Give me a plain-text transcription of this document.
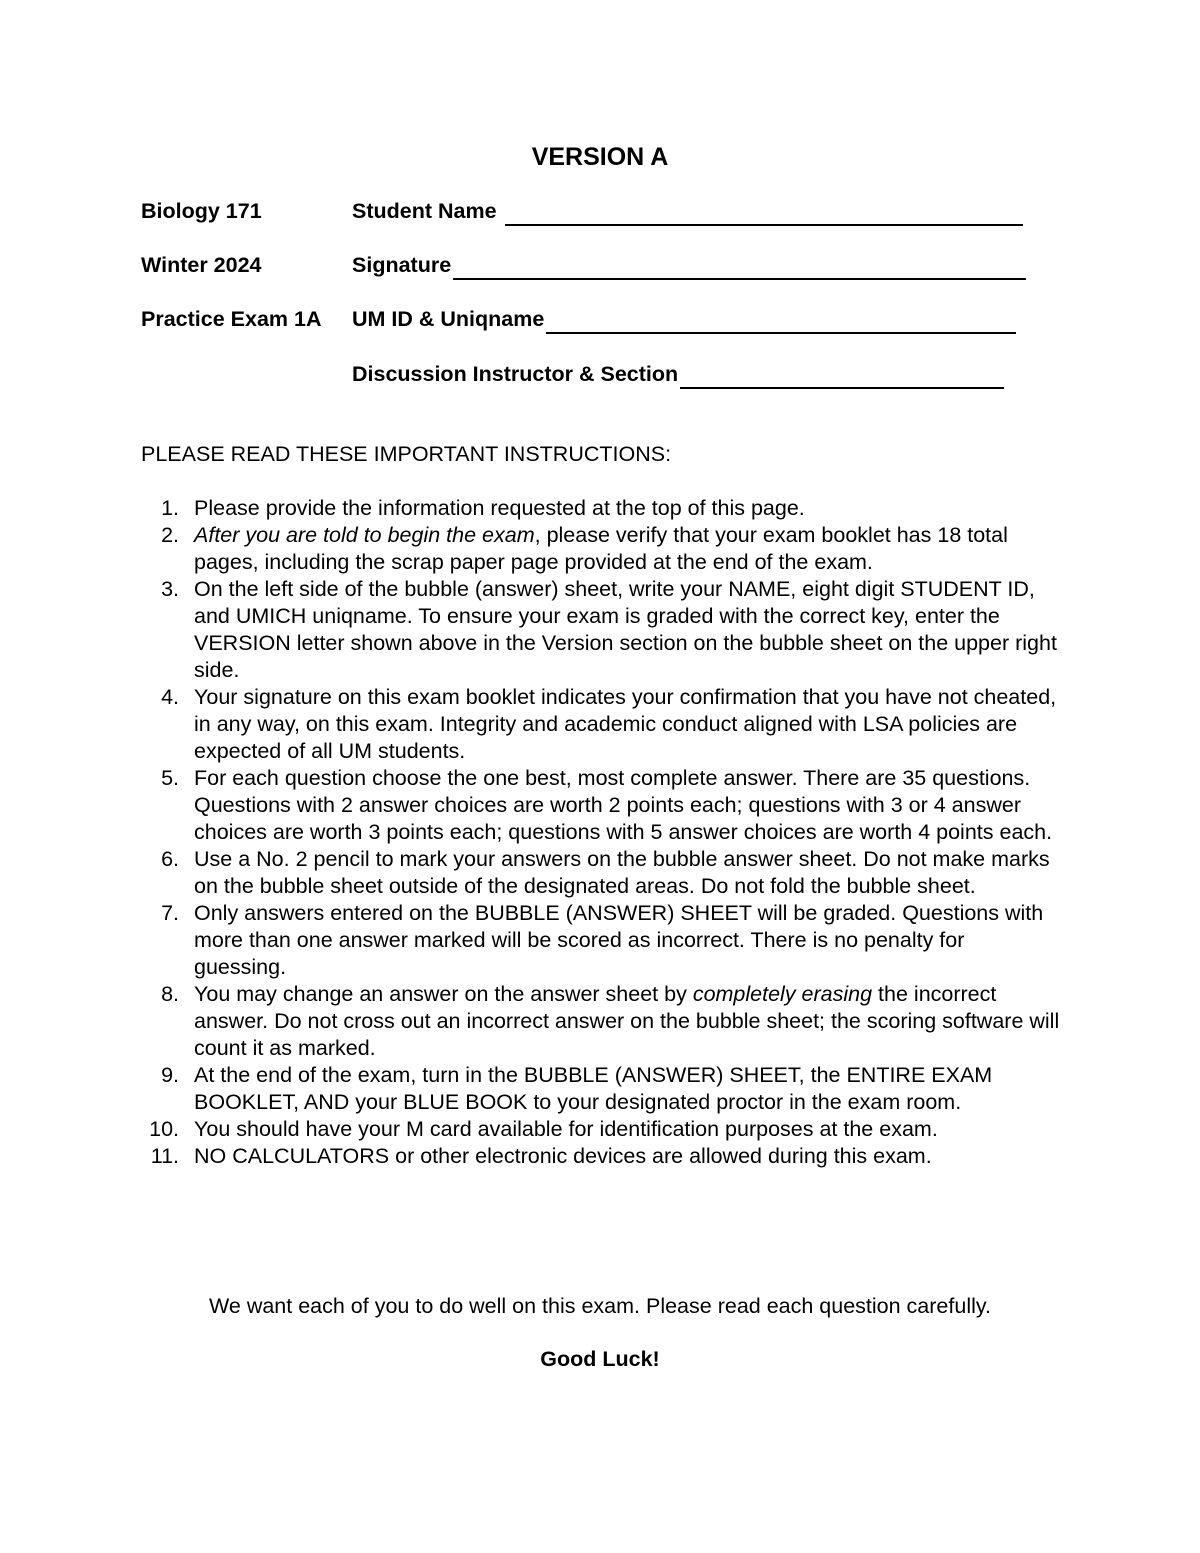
VERSION A
Biology 171	Student Name
Winter 2024	Signature
Practice Exam 1A UM ID & Uniqname
Discussion Instructor & Section
PLEASE READ THESE IMPORTANT INSTRUCTIONS:
1. Please provide the information requested at the top of this page.
2. After you are told to begin the exam, please verify that your exam booklet has 18 total pages, including the scrap paper page provided at the end of the exam.
3. On the left side of the bubble (answer) sheet, write your NAME, eight digit STUDENT ID, and UMICH uniqname. To ensure your exam is graded with the correct key, enter the VERSION letter shown above in the Version section on the bubble sheet on the upper right side.
4. Your signature on this exam booklet indicates your confirmation that you have not cheated, in any way, on this exam. Integrity and academic conduct aligned with LSA policies are expected of all UM students.
5. For each question choose the one best, most complete answer. There are 35 questions. Questions with 2 answer choices are worth 2 points each; questions with 3 or 4 answer choices are worth 3 points each; questions with 5 answer choices are worth 4 points each.
6. Use a No. 2 pencil to mark your answers on the bubble answer sheet. Do not make marks on the bubble sheet outside of the designated areas. Do not fold the bubble sheet.
7. Only answers entered on the BUBBLE (ANSWER) SHEET will be graded. Questions with more than one answer marked will be scored as incorrect. There is no penalty for guessing.
8. You may change an answer on the answer sheet by completely erasing the incorrect answer. Do not cross out an incorrect answer on the bubble sheet; the scoring software will count it as marked.
9. At the end of the exam, turn in the BUBBLE (ANSWER) SHEET, the ENTIRE EXAM BOOKLET, AND your BLUE BOOK to your designated proctor in the exam room.
10. You should have your M card available for identification purposes at the exam.
11. NO CALCULATORS or other electronic devices are allowed during this exam.
We want each of you to do well on this exam. Please read each question carefully.
Good Luck!
